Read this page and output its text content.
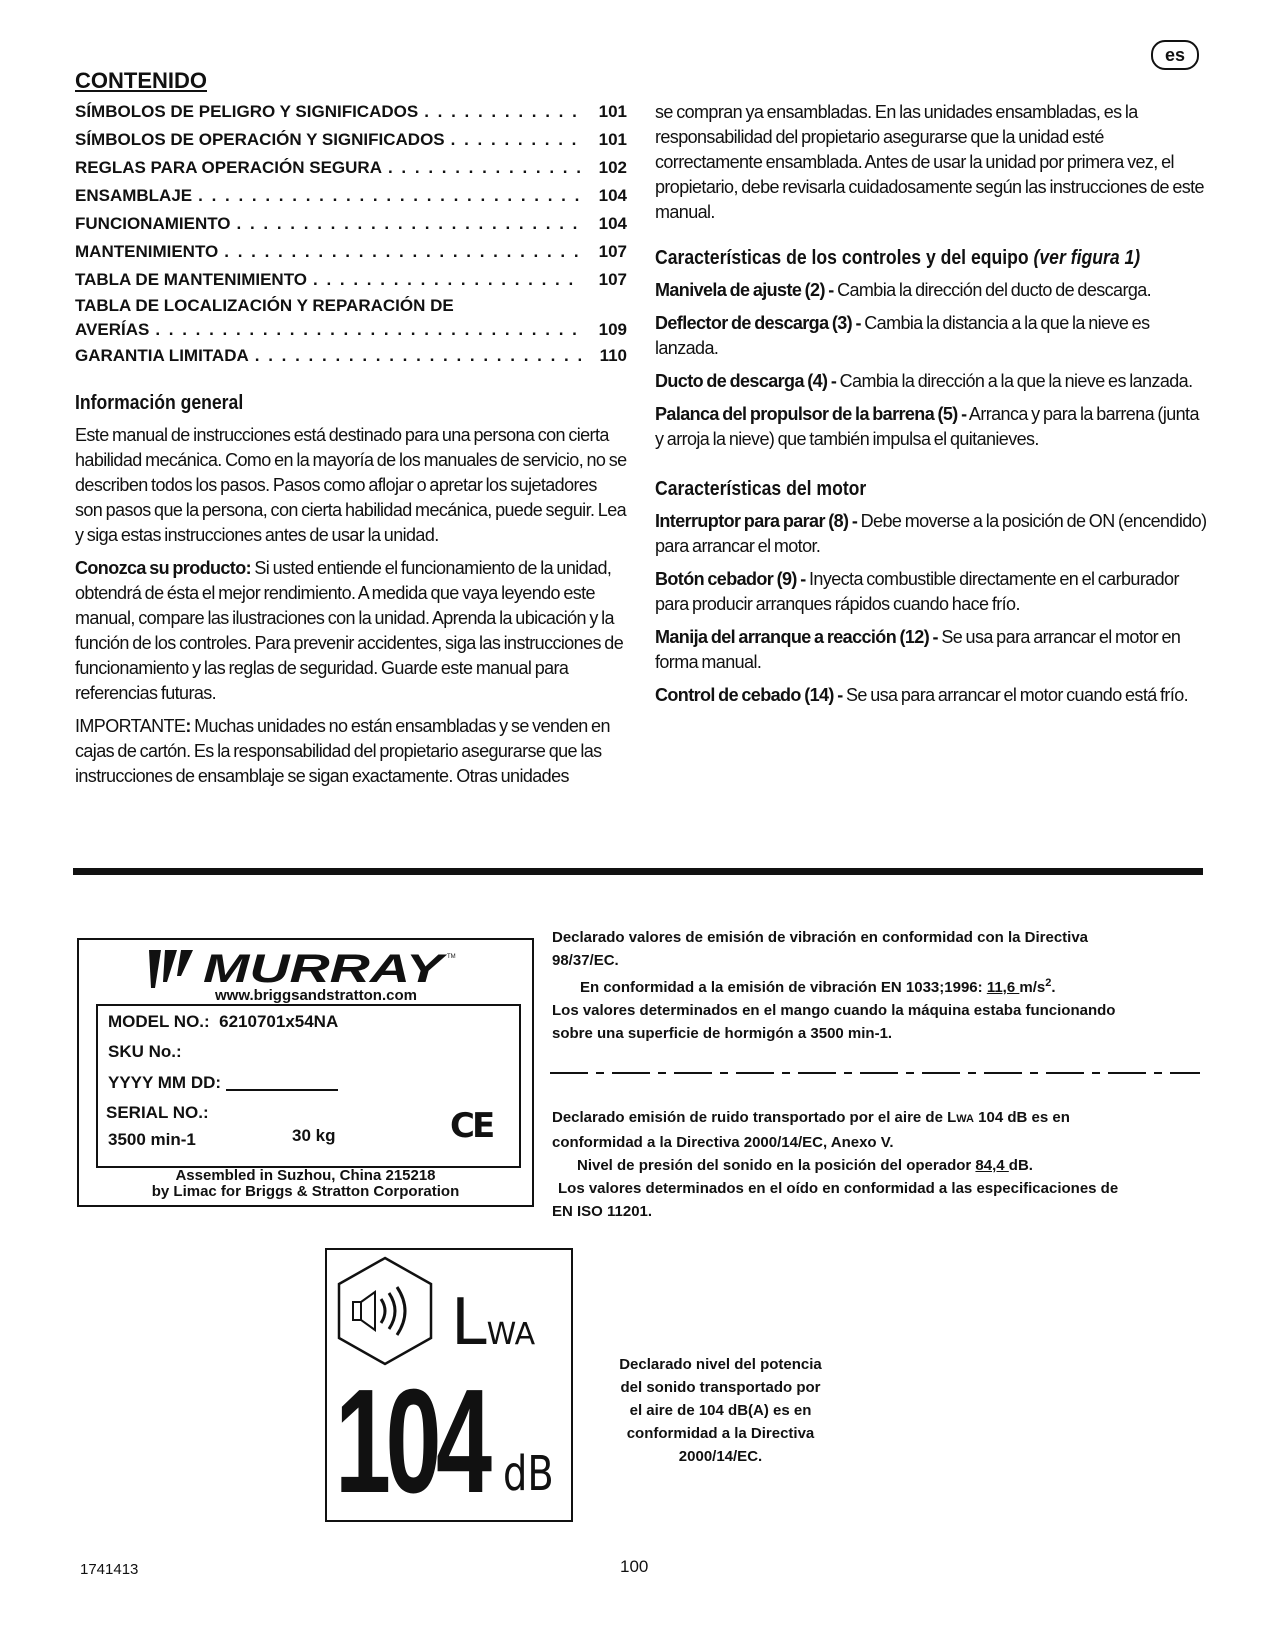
es
CONTENIDO
SÍMBOLOS DE PELIGRO Y SIGNIFICADOS . . .	101
SÍMBOLOS DE OPERACIÓN Y SIGNIFICADOS . . .	101
REGLAS PARA OPERACIÓN SEGURA . . .	102
ENSAMBLAJE . . .	104
FUNCIONAMIENTO . . .	104
MANTENIMIENTO . . .	107
TABLA DE MANTENIMIENTO . . .	107
TABLA DE LOCALIZACIÓN Y REPARACIÓN DE
AVERÍAS . . .	109
GARANTIA LIMITADA . . .	110
Información general

Este manual de instrucciones está destinado para una persona con cierta habilidad mecánica. Como en la mayoría de los manuales de servicio, no se describen todos los pasos. Pasos como aflojar o apretar los sujetadores son pasos que la persona, con cierta habilidad mecánica, puede seguir. Lea y siga estas instrucciones antes de usar la unidad.

Conozca su producto: Si usted entiende el funcionamiento de la unidad, obtendrá de ésta el mejor rendimiento. A medida que vaya leyendo este manual, compare las ilustraciones con la unidad. Aprenda la ubicación y la función de los controles. Para prevenir accidentes, siga las instrucciones de funcionamiento y las reglas de seguridad. Guarde este manual para referencias futuras.

IMPORTANTE: Muchas unidades no están ensambladas y se venden en cajas de cartón. Es la responsabilidad del propietario asegurarse que las instrucciones de ensamblaje se sigan exactamente. Otras unidades

se compran ya ensambladas. En las unidades ensambladas, es la responsabilidad del propietario asegurarse que la unidad esté correctamente ensamblada. Antes de usar la unidad por primera vez, el propietario, debe revisarla cuidadosamente según las instrucciones de este manual.

Características de los controles y del equipo (ver figura 1)

Manivela de ajuste (2) - Cambia la dirección del ducto de descarga.

Deflector de descarga (3) - Cambia la distancia a la que la nieve es lanzada.

Ducto de descarga (4) - Cambia la dirección a la que la nieve es lanzada.

Palanca del propulsor de la barrena (5) - Arranca y para la barrena (junta y arroja la nieve) que también impulsa el quitanieves.

Características del motor

Interruptor para parar (8) - Debe moverse a la posición de ON (encendido) para arrancar el motor.

Botón cebador (9) - Inyecta combustible directamente en el carburador para producir arranques rápidos cuando hace frío.

Manija del arranque a reacción (12) - Se usa para arrancar el motor en forma manual.

Control de cebado (14) - Se usa para arrancar el motor cuando está frío.

MURRAY TM
www.briggsandstratton.com
MODEL NO.: 6210701x54NA
SKU No.:
YYYY MM DD:
SERIAL NO.:
3500 min-1	30 kg	CE
Assembled in Suzhou, China 215218
by Limac for Briggs & Stratton Corporation
Declarado valores de emisión de vibración en conformidad con la Directiva
98/37/EC.
En conformidad a la emisión de vibración EN 1033;1996: 11,6 $m/s^2$.
Los valores determinados en el mango cuando la máquina estaba funcionando
sobre una superficie de hormigón a 3500 min-1.
Declarado emisión de ruido transportado por el aire de LWA 104 dB es en
conformidad a la Directiva 2000/14/EC, Anexo V.
Nivel de presión del sonido en la posición del operador 84,4 dB.
Los valores determinados en el oído en conformidad a las especificaciones de
EN ISO 11201.
LWA
104 dB
Declarado nivel del potencia
del sonido transportado por
el aire de 104 dB(A) es en
conformidad a la Directiva
2000/14/EC.
1741413	100
